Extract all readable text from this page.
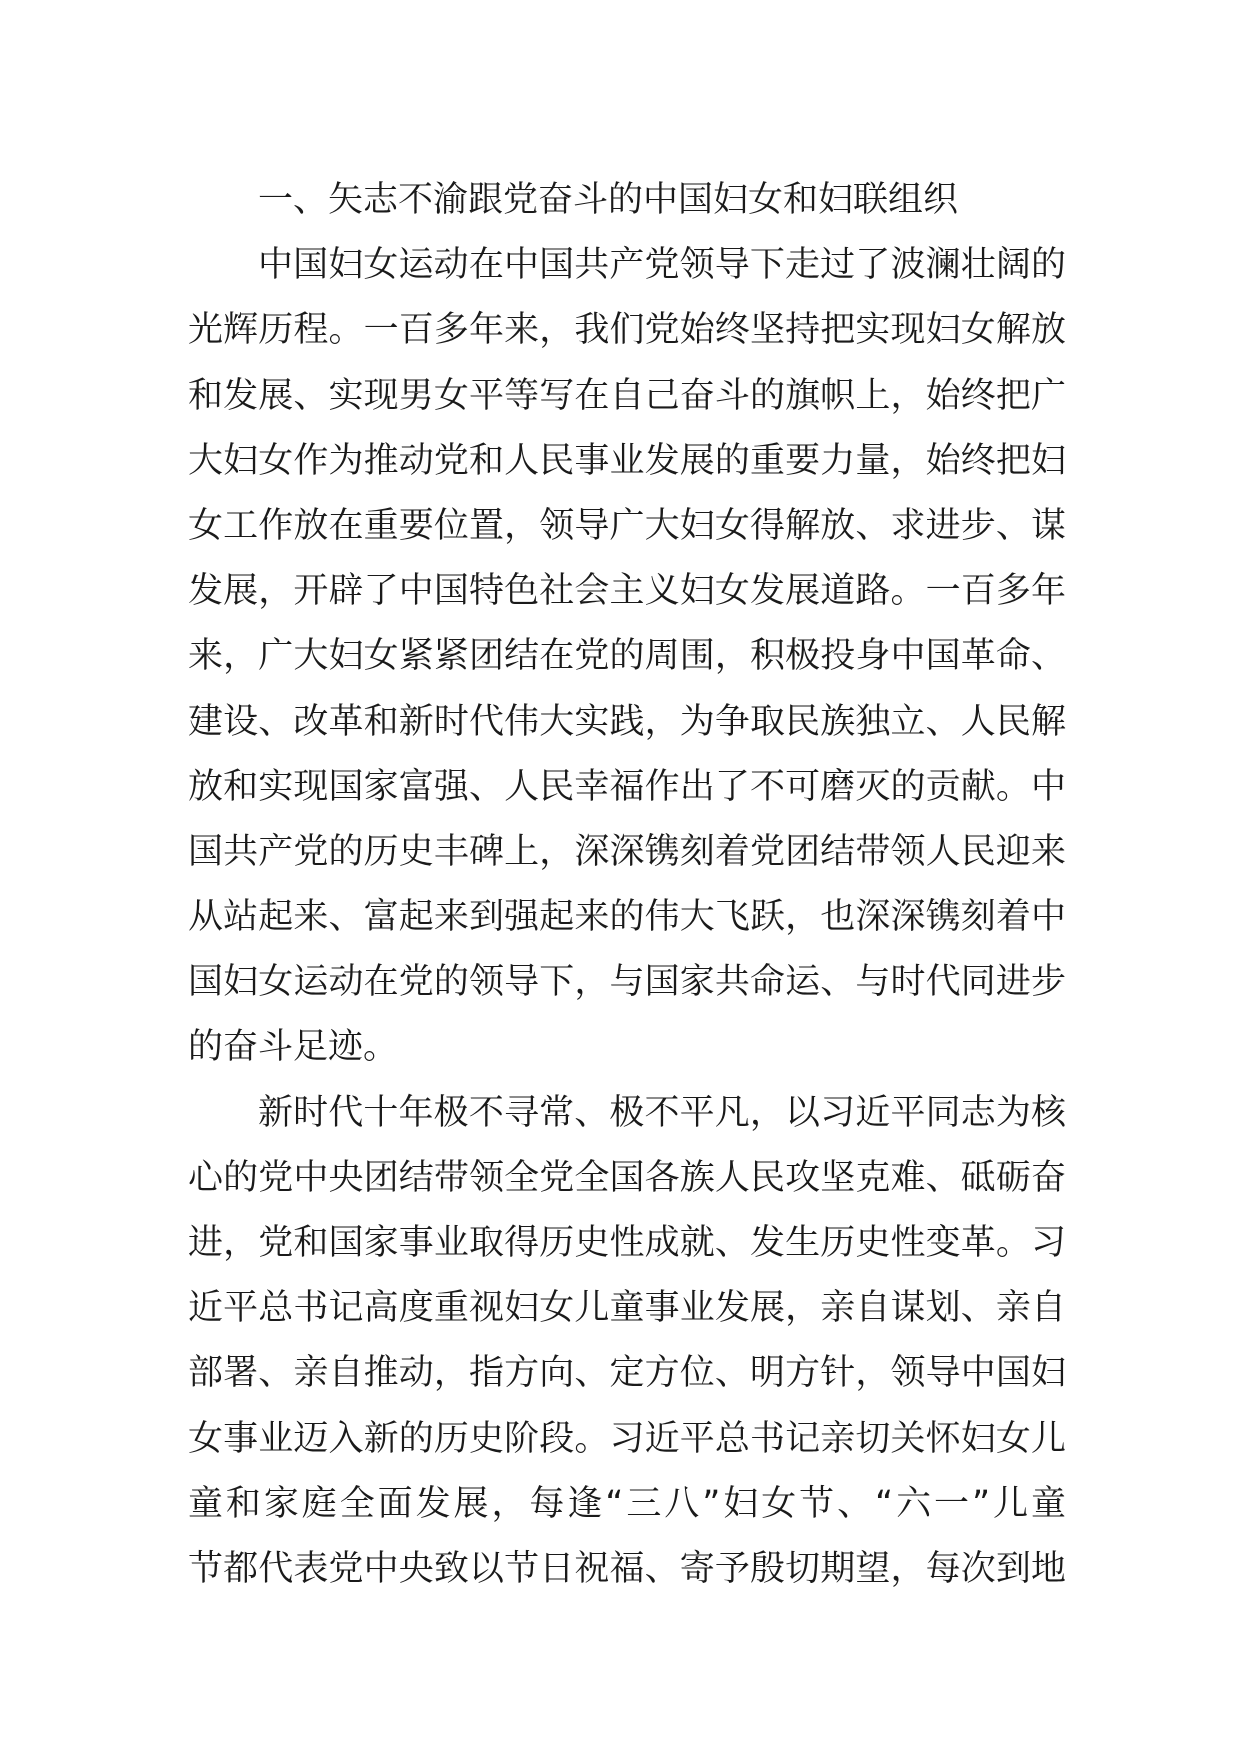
一、矢志不渝跟党奋斗的中国妇女和妇联组织
中国妇女运动在中国共产党领导下走过了波澜壮阔的
光辉历程。一百多年来，我们党始终坚持把实现妇女解放
和发展、实现男女平等写在自己奋斗的旗帜上，始终把广
大妇女作为推动党和人民事业发展的重要力量，始终把妇
女工作放在重要位置，领导广大妇女得解放、求进步、谋
发展，开辟了中国特色社会主义妇女发展道路。一百多年
来，广大妇女紧紧团结在党的周围，积极投身中国革命、
建设、改革和新时代伟大实践，为争取民族独立、人民解
放和实现国家富强、人民幸福作出了不可磨灭的贡献。中
国共产党的历史丰碑上，深深镌刻着党团结带领人民迎来
从站起来、富起来到强起来的伟大飞跃，也深深镌刻着中
国妇女运动在党的领导下，与国家共命运、与时代同进步
的奋斗足迹。
新时代十年极不寻常、极不平凡，以习近平同志为核
心的党中央团结带领全党全国各族人民攻坚克难、砥砺奋
进，党和国家事业取得历史性成就、发生历史性变革。习
近平总书记高度重视妇女儿童事业发展，亲自谋划、亲自
部署、亲自推动，指方向、定方位、明方针，领导中国妇
女事业迈入新的历史阶段。习近平总书记亲切关怀妇女儿
童和家庭全面发展，每逢“三八”妇女节、“六一”儿童
节都代表党中央致以节日祝福、寄予殷切期望，每次到地
